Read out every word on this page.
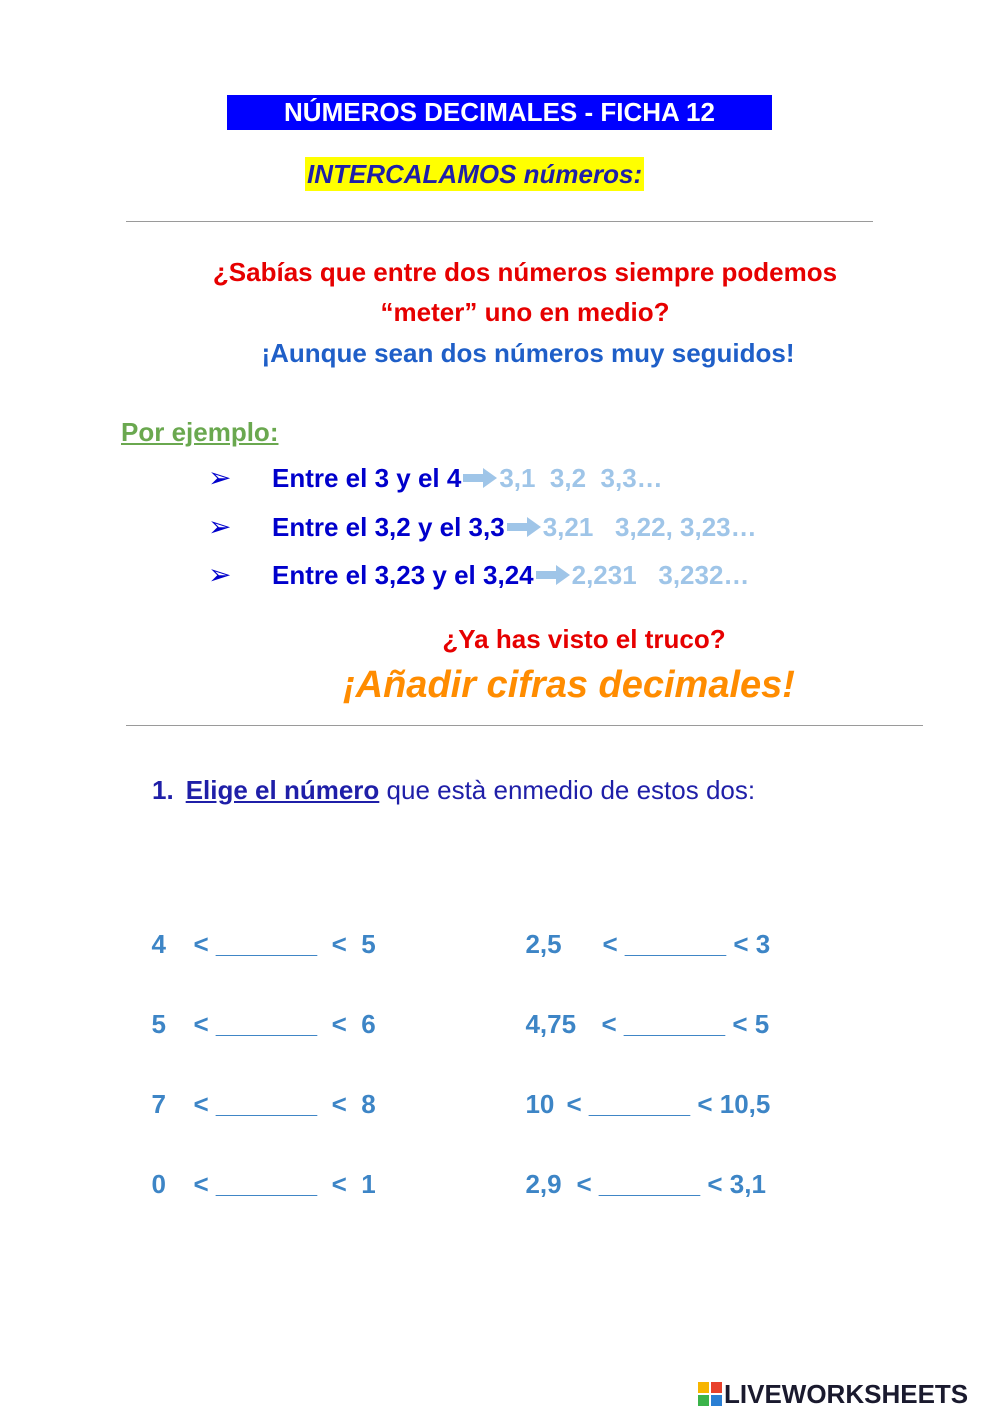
NÚMEROS DECIMALES - FICHA 12
INTERCALAMOS números:
¿Sabías que entre dos números siempre podemos
“meter” uno en medio?
¡Aunque sean dos números muy seguidos!
Por ejemplo:
➢	Entre el 3 y el 4 3,1  3,2  3,3…
➢	Entre el 3,2 y el 3,3 3,21   3,22, 3,23…
➢	Entre el 3,23 y el 3,24 2,231   3,232…
¿Ya has visto el truco?
¡Añadir cifras decimales!
1. Elige el número que està enmedio de estos dos:

4 < _______ < 5

5 < _______ < 6

7 < _______ < 8

0 < _______ < 1

2,5 < _______ < 3

4,75 < _______ < 5

10 < _______ < 10,5

2,9 < _______ < 3,1

LIVEWORKSHEETS
